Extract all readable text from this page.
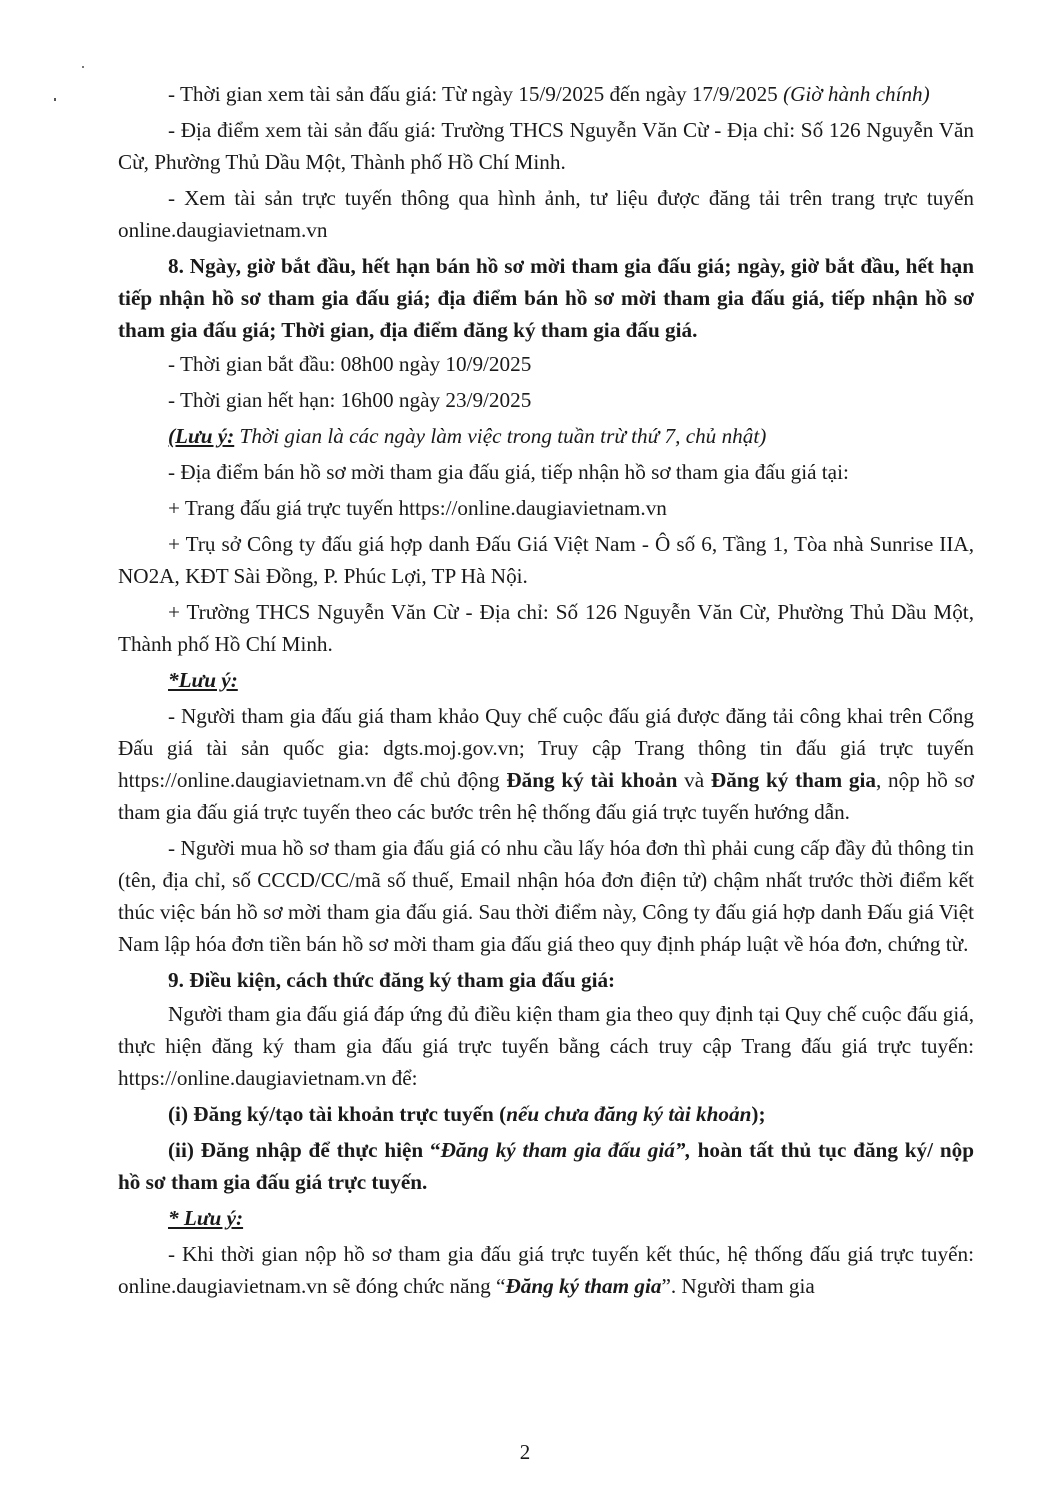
- Thời gian xem tài sản đấu giá: Từ ngày 15/9/2025 đến ngày 17/9/2025 (Giờ hành chính)

- Địa điểm xem tài sản đấu giá: Trường THCS Nguyễn Văn Cừ - Địa chỉ: Số 126 Nguyễn Văn Cừ, Phường Thủ Dầu Một, Thành phố Hồ Chí Minh.

- Xem tài sản trực tuyến thông qua hình ảnh, tư liệu được đăng tải trên trang trực tuyến online.daugiavietnam.vn

8. Ngày, giờ bắt đầu, hết hạn bán hồ sơ mời tham gia đấu giá; ngày, giờ bắt đầu, hết hạn tiếp nhận hồ sơ tham gia đấu giá; địa điểm bán hồ sơ mời tham gia đấu giá, tiếp nhận hồ sơ tham gia đấu giá; Thời gian, địa điểm đăng ký tham gia đấu giá.

- Thời gian bắt đầu: 08h00 ngày 10/9/2025

- Thời gian hết hạn: 16h00 ngày 23/9/2025

(Lưu ý: Thời gian là các ngày làm việc trong tuần trừ thứ 7, chủ nhật)

- Địa điểm bán hồ sơ mời tham gia đấu giá, tiếp nhận hồ sơ tham gia đấu giá tại:

+ Trang đấu giá trực tuyến https://online.daugiavietnam.vn

+ Trụ sở Công ty đấu giá hợp danh Đấu Giá Việt Nam - Ô số 6, Tầng 1, Tòa nhà Sunrise IIA, NO2A, KĐT Sài Đồng, P. Phúc Lợi, TP Hà Nội.

+ Trường THCS Nguyễn Văn Cừ - Địa chỉ: Số 126 Nguyễn Văn Cừ, Phường Thủ Dầu Một, Thành phố Hồ Chí Minh.

*Lưu ý:

- Người tham gia đấu giá tham khảo Quy chế cuộc đấu giá được đăng tải công khai trên Cổng Đấu giá tài sản quốc gia: dgts.moj.gov.vn; Truy cập Trang thông tin đấu giá trực tuyến https://online.daugiavietnam.vn để chủ động Đăng ký tài khoản và Đăng ký tham gia, nộp hồ sơ tham gia đấu giá trực tuyến theo các bước trên hệ thống đấu giá trực tuyến hướng dẫn.

- Người mua hồ sơ tham gia đấu giá có nhu cầu lấy hóa đơn thì phải cung cấp đầy đủ thông tin (tên, địa chỉ, số CCCD/CC/mã số thuế, Email nhận hóa đơn điện tử) chậm nhất trước thời điểm kết thúc việc bán hồ sơ mời tham gia đấu giá. Sau thời điểm này, Công ty đấu giá hợp danh Đấu giá Việt Nam lập hóa đơn tiền bán hồ sơ mời tham gia đấu giá theo quy định pháp luật về hóa đơn, chứng từ.

9. Điều kiện, cách thức đăng ký tham gia đấu giá:

Người tham gia đấu giá đáp ứng đủ điều kiện tham gia theo quy định tại Quy chế cuộc đấu giá, thực hiện đăng ký tham gia đấu giá trực tuyến bằng cách truy cập Trang đấu giá trực tuyến: https://online.daugiavietnam.vn để:

(i) Đăng ký/tạo tài khoản trực tuyến (nếu chưa đăng ký tài khoản);

(ii) Đăng nhập để thực hiện “Đăng ký tham gia đấu giá”, hoàn tất thủ tục đăng ký/ nộp hồ sơ tham gia đấu giá trực tuyến.

* Lưu ý:

- Khi thời gian nộp hồ sơ tham gia đấu giá trực tuyến kết thúc, hệ thống đấu giá trực tuyến: online.daugiavietnam.vn sẽ đóng chức năng “Đăng ký tham gia”. Người tham gia

2
